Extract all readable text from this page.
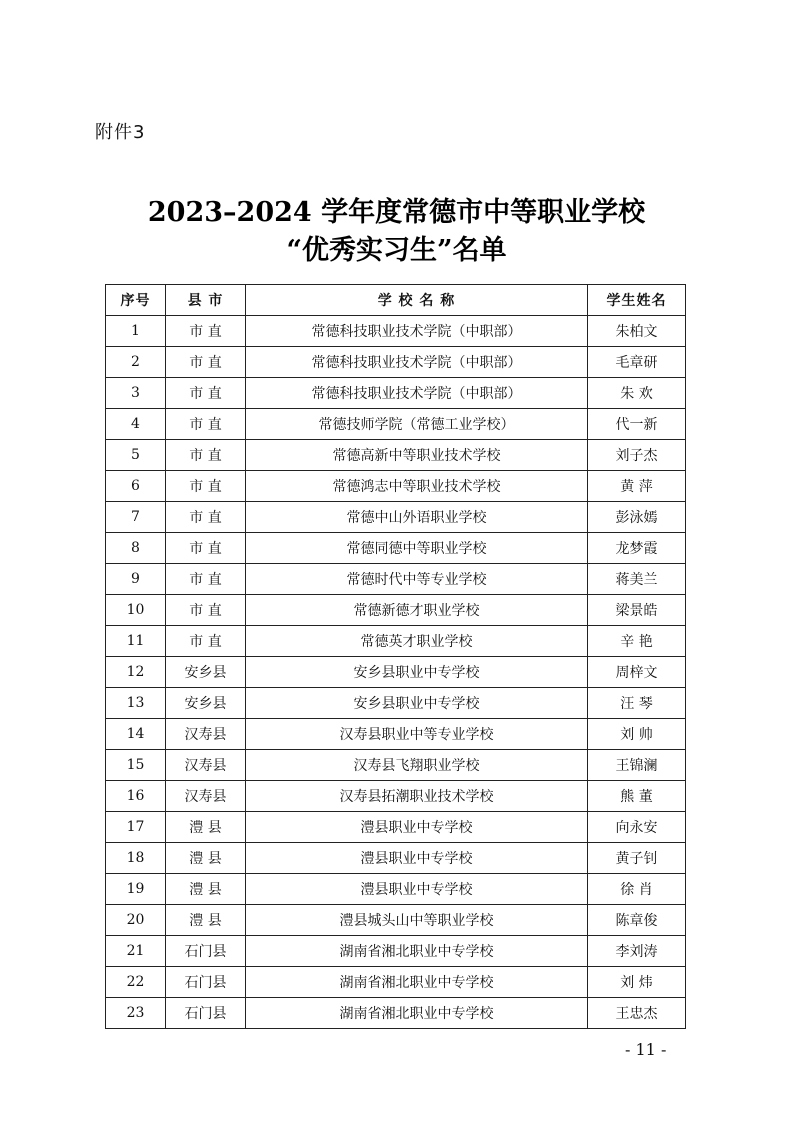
附件3
2023–2024 学年度常德市中等职业学校
“优秀实习生”名单
序号	县 市	学 校 名 称	学生姓名
1	市 直	常德科技职业技术学院（中职部）	朱柏文
2	市 直	常德科技职业技术学院（中职部）	毛章研
3	市 直	常德科技职业技术学院（中职部）	朱 欢
4	市 直	常德技师学院（常德工业学校）	代一新
5	市 直	常德高新中等职业技术学校	刘子杰
6	市 直	常德鸿志中等职业技术学校	黄 萍
7	市 直	常德中山外语职业学校	彭泳嫣
8	市 直	常德同德中等职业学校	龙梦霞
9	市 直	常德时代中等专业学校	蒋美兰
10	市 直	常德新德才职业学校	梁景皓
11	市 直	常德英才职业学校	辛 艳
12	安乡县	安乡县职业中专学校	周梓文
13	安乡县	安乡县职业中专学校	汪 琴
14	汉寿县	汉寿县职业中等专业学校	刘 帅
15	汉寿县	汉寿县飞翔职业学校	王锦澜
16	汉寿县	汉寿县拓潮职业技术学校	熊 董
17	澧 县	澧县职业中专学校	向永安
18	澧 县	澧县职业中专学校	黄子钊
19	澧 县	澧县职业中专学校	徐 肖
20	澧 县	澧县城头山中等职业学校	陈章俊
21	石门县	湖南省湘北职业中专学校	李刘涛
22	石门县	湖南省湘北职业中专学校	刘 炜
23	石门县	湖南省湘北职业中专学校	王忠杰
- 11 -
